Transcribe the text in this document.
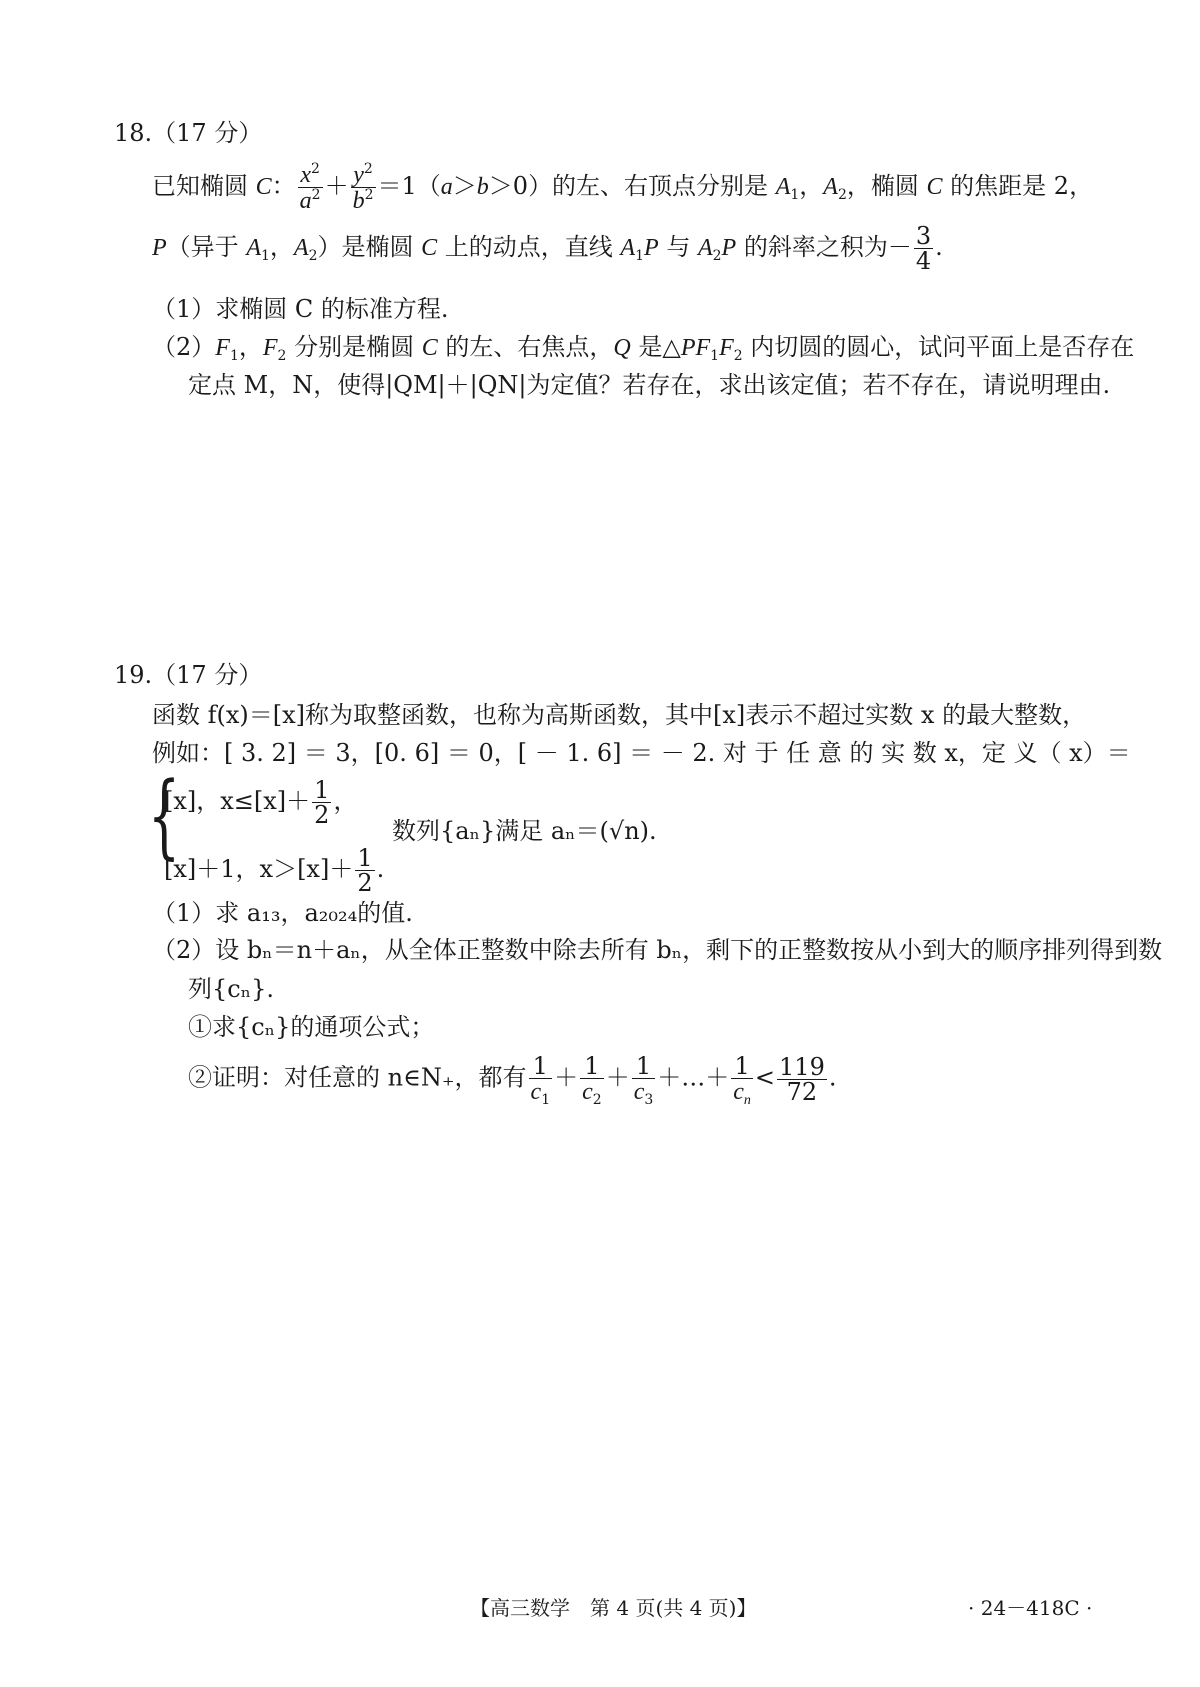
18.（17 分）
已知椭圆 C： $\frac{x^2}{a^2} + \frac{y^2}{b^2} =1(a>b>0)$的左、右顶点分别是 $A_1$，$A_2$，椭圆 C 的焦距是 2，
P（异于 $A_1$，$A_2$）是椭圆 C 上的动点，直线 $A_1P$ 与 $A_2P$ 的斜率之积为－ $\frac{3}{4}$ .
（1）求椭圆 C 的标准方程.
$(2)F_1$，$F_2$ 分别是椭圆 C 的左、右焦点，Q 是$\triangle PF_1F_2$ 内切圆的圆心，试问平面上是否存在
定点 M，N，使得|QM|＋|QN|为定值？若存在，求出该定值；若不存在，请说明理由.
19.（17 分）
函数 f(x)＝[x]称为取整函数，也称为高斯函数，其中[x]表示不超过实数 x 的最大整数，
例如：[ 3. 2] ＝ 3，[0. 6] ＝ 0，[ － 1. 6] ＝ － 2. 对 于 任 意 的 实 数 x，定 义（ x）＝
{
[x]，$x\le[x]+ \frac{1}{2}$ ，
[x]＋1，$x>[x]+ \frac{1}{2}$ .
数列{aₙ}满足 aₙ＝(√n).
（1）求 a₁₃，a₂₀₂₄的值.
（2）设 bₙ＝n＋aₙ，从全体正整数中除去所有 bₙ，剩下的正整数按从小到大的顺序排列得到数
列{cₙ}.
①求{cₙ}的通项公式；
②证明：对任意的 n∈N₊，都有 $\frac{1}{c_1} + \frac{1}{c_2} + \frac{1}{c_3}$ ＋…＋ $\frac{1}{c_n} < \frac{119}{72}$ .
【高三数学　第 4 页(共 4 页)】	· 24－418C ·
